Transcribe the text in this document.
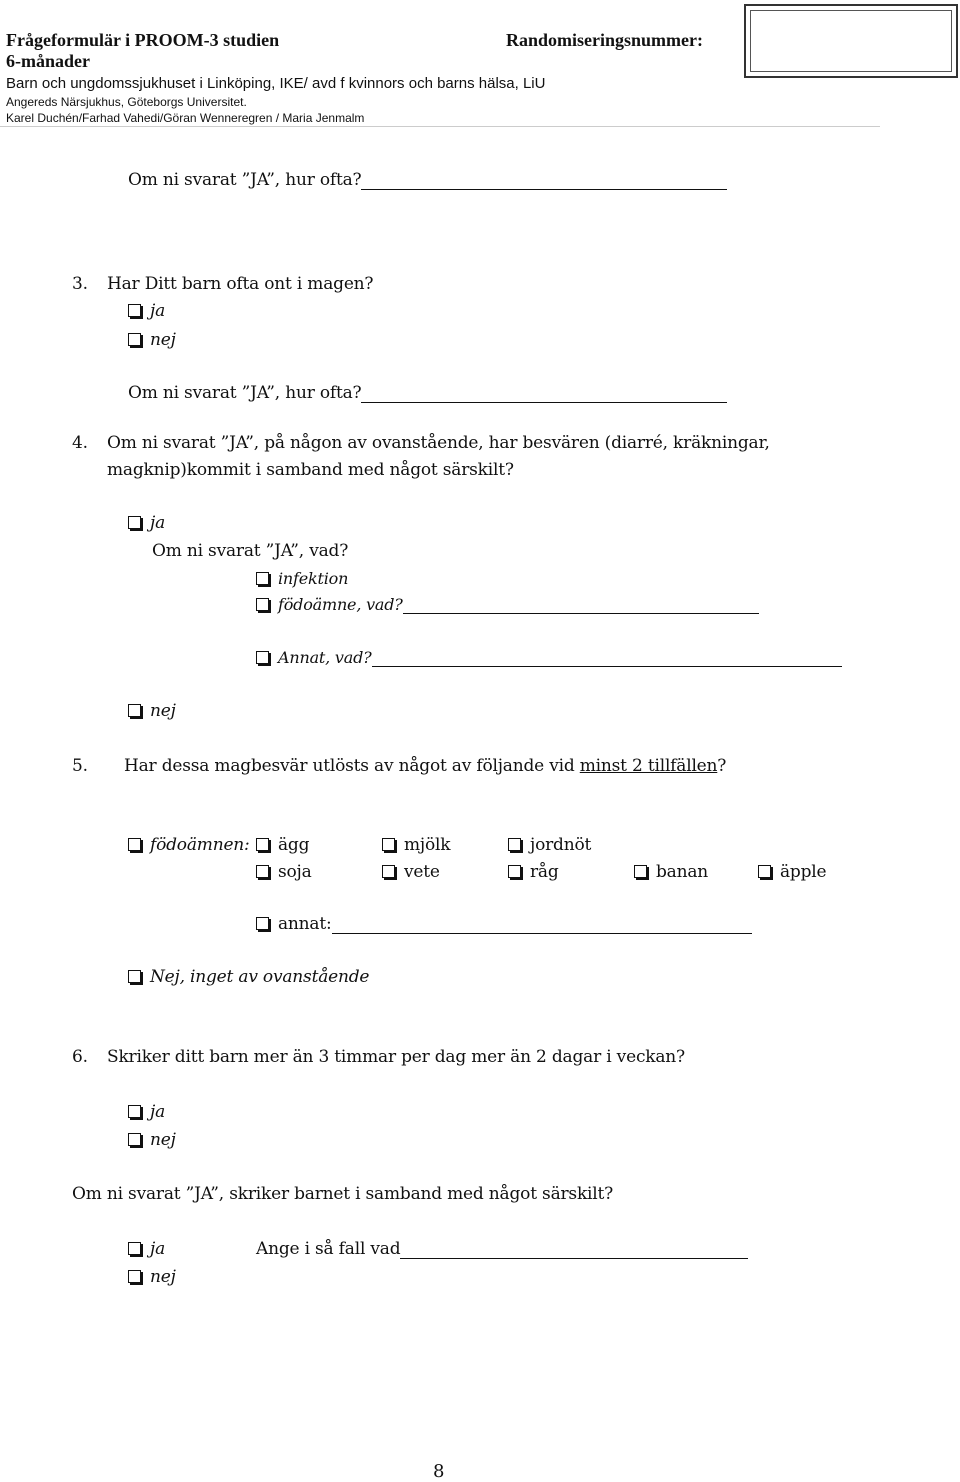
Frågeformulär i PROOM-3 studien
6-månader
Randomiseringsnummer:
Barn och ungdomssjukhuset i Linköping, IKE/ avd f kvinnors och barns hälsa, LiU
Angereds Närsjukhus, Göteborgs Universitet.
Karel Duchén/Farhad Vahedi/Göran Wenneregren / Maria Jenmalm
Om ni svarat ”JA”, hur ofta?
3. Har Ditt barn ofta ont i magen?
ja
nej
Om ni svarat ”JA”, hur ofta?
4. Om ni svarat ”JA”, på någon av ovanstående, har besvären (diarré, kräkningar,
magknip)kommit i samband med något särskilt?
ja
Om ni svarat ”JA”, vad?
infektion
födoämne, vad?
Annat, vad?
nej
5. Har dessa magbesvär utlösts av något av följande vid minst 2 tillfällen?
födoämnen:	ägg	mjölk	jordnöt
soja	vete	råg	banan	äpple
annat:
Nej, inget av ovanstående
6. Skriker ditt barn mer än 3 timmar per dag mer än 2 dagar i veckan?
ja
nej
Om ni svarat ”JA”, skriker barnet i samband med något särskilt?
ja	Ange i så fall vad
nej
8
